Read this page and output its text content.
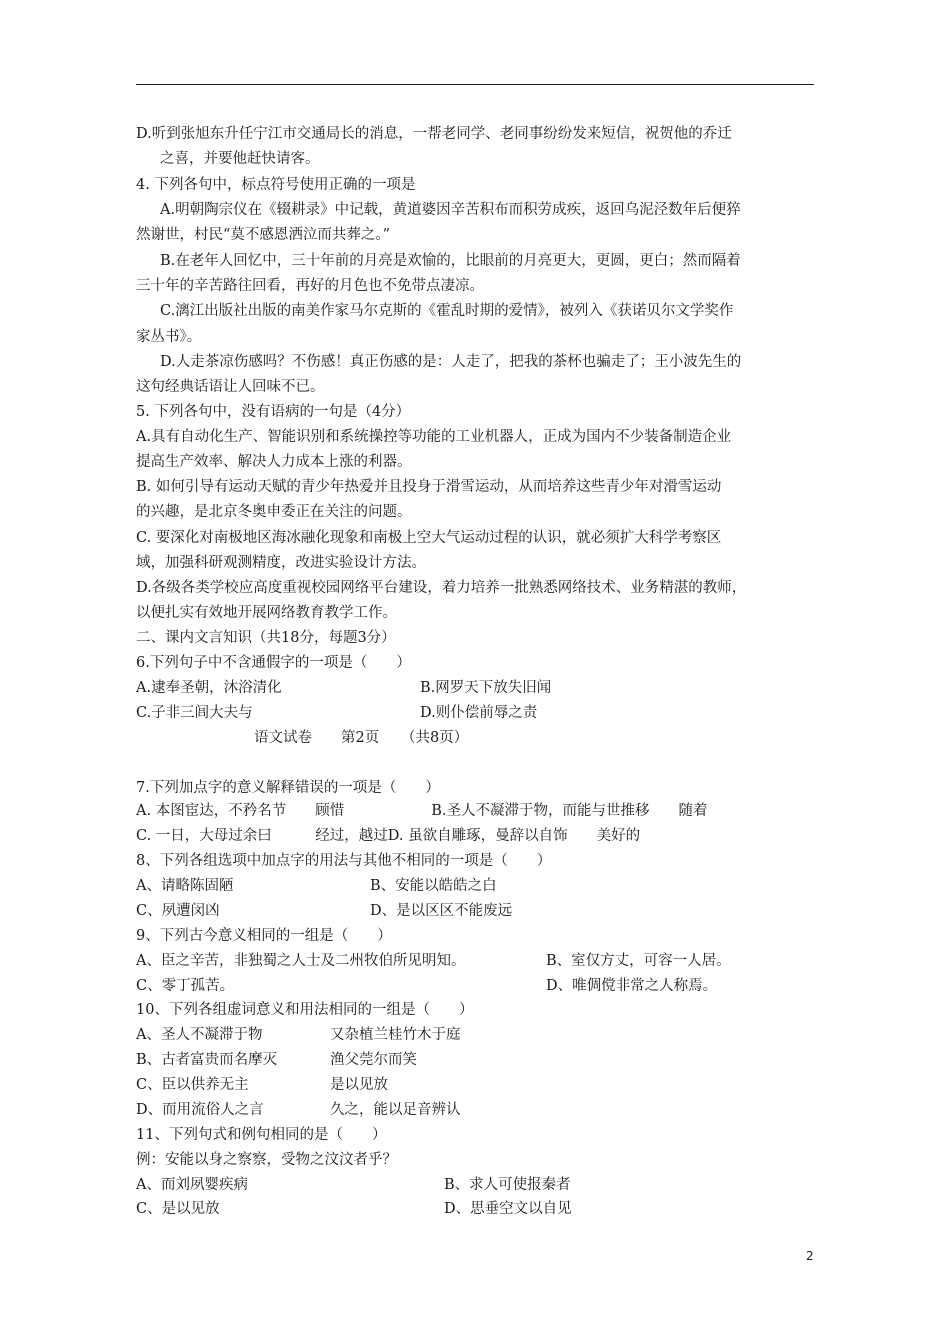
D.听到张旭东升任宁江市交通局长的消息，一帮老同学、老同事纷纷发来短信，祝贺他的乔迁
之喜，并要他赶快请客。
4. 下列各句中，标点符号使用正确的一项是
A.明朝陶宗仪在《辍耕录》中记载，黄道婆因辛苦积布而积劳成疾，返回乌泥泾数年后便猝
然谢世，村民“莫不感恩洒泣而共葬之。”
B.在老年人回忆中，三十年前的月亮是欢愉的，比眼前的月亮更大，更圆，更白；然而隔着
三十年的辛苦路往回看，再好的月色也不免带点凄凉。
C.漓江出版社出版的南美作家马尔克斯的《霍乱时期的爱情》，被列入《获诺贝尔文学奖作
家丛书》。
D.人走茶凉伤感吗？不伤感！真正伤感的是：人走了，把我的茶杯也骗走了；王小波先生的
这句经典话语让人回味不已。
5. 下列各句中，没有语病的一句是（4分）
A.具有自动化生产、智能识别和系统操控等功能的工业机器人，正成为国内不少装备制造企业
提高生产效率、解决人力成本上涨的利器。
B. 如何引导有运动天赋的青少年热爱并且投身于滑雪运动，从而培养这些青少年对滑雪运动
的兴趣，是北京冬奥申委正在关注的问题。
C. 要深化对南极地区海冰融化现象和南极上空大气运动过程的认识，就必须扩大科学考察区
域，加强科研观测精度，改进实验设计方法。
D.各级各类学校应高度重视校园网络平台建设，着力培养一批熟悉网络技术、业务精湛的教师，
以便扎实有效地开展网络教育教学工作。
二、课内文言知识（共18分，每题3分）
6.下列句子中不含通假字的一项是（　　）
A.逮奉圣朝，沐浴清化	B.网罗天下放失旧闻
C.子非三闾大夫与	D.则仆偿前辱之责
语文试卷　　第2页　　（共8页）
7.下列加点字的意义解释错误的一项是（　　）
A. 本图宦达，不矜名节　　顾惜　　　　　　B.圣人不凝滞于物，而能与世推移　　随着
C. 一日，大母过余曰　　　经过，越过D. 虽欲自雕琢，曼辞以自饰　　美好的
8、下列各组选项中加点字的用法与其他不相同的一项是（　　）
A、请略陈固陋	B、安能以皓皓之白
C、夙遭闵凶	D、是以区区不能废远
9、下列古今意义相同的一组是（　　）
A、臣之辛苦，非独蜀之人士及二州牧伯所见明知。	B、室仅方丈，可容一人居。
C、零丁孤苦。	D、唯倜傥非常之人称焉。
10、下列各组虚词意义和用法相同的一组是（　　）
A、圣人不凝滞于物	又杂植兰桂竹木于庭
B、古者富贵而名摩灭	渔父莞尔而笑
C、臣以供养无主	是以见放
D、而用流俗人之言	久之，能以足音辨认
11、下列句式和例句相同的是（　　）
例：安能以身之察察，受物之汶汶者乎？
A、而刘夙婴疾病	B、求人可使报秦者
C、是以见放	D、思垂空文以自见
2
